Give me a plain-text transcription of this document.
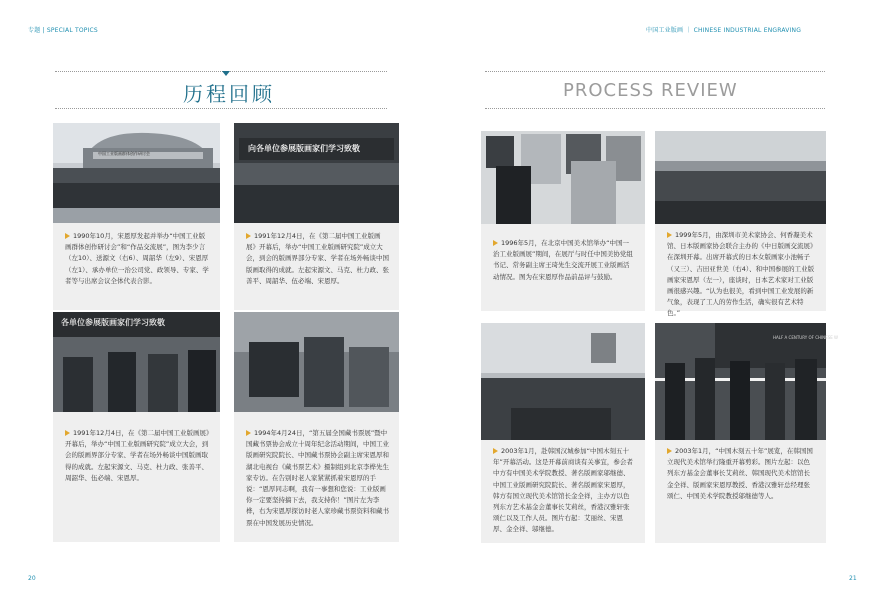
专题 | SPECIAL TOPICS	中国工业版画 ｜ CHINESE INDUSTRIAL ENGRAVING
历程回顾	PROCESS REVIEW
中国工业版画群体创作研讨会
向各单位参展版画家们学习致敬
1990年10月，宋恩厚发起并举办“中国工业版画群体创作研讨会”和“作品交流展”，图为李少言（左10）、送源文（右6）、周韶华（左9）、宋恩厚（左1）、承办单位一治公司党、政领导、专家、学者等与出席会议全体代表合影。
1991年12月4日，在《第二届中国工业版画展》开幕后，举办“中国工业版画研究院”成立大会，到会的版画界部分专家、学者在场外畅谈中国版画取得的成就。左起宋源文、马克、杜力政、张善平、周韶华、伍必端、宋恩厚。
各单位参展版画家们学习致敬
1991年12月4日，在《第二届中国工业版画展》开幕后，举办“中国工业版画研究院”成立大会，到会的版画界部分专家、学者在场外畅谈中国版画取得的成就。左起宋源文、马克、杜力政、张善平、周韶华、伍必端、宋恩厚。
1994年4月24日，“第五届全国藏书票展”暨中国藏书票协会成立十周年纪念活动期间，中国工业版画研究院院长、中国藏书票协会副主席宋恩厚和湖北电视台《藏书票艺术》摄制组到北京李桦先生家专访。在告别时老人家紧紧抓着宋恩厚的手说：“恩厚同志啊，我有一事想和您说：工业版画你一定要坚持搞下去，我支持你！”图片左为李桦，右为宋恩厚探访时老人家珍藏书票资料和藏书票在中国发展历史情况。
1996年5月，在北京中国美术馆举办“中国一治工业版画展”期间，在展厅与时任中国美协党组书记、常务副主席王琦先生交流开展工业版画活动情况。图为在宋恩厚作品前品评与鼓励。
1999年5月，由深圳市美术家协会、何香凝美术馆、日本版画家协会联合主办的《中日版画交流展》在深圳开幕。出席开幕式的日本女版画家小池畅子（又三）、吉田亚世美（右4）、和中国参展的工业版画家宋恩厚（左一），座谈时，日本艺术家对工业版画很感兴趣。“认为也很美，看到中国工业发展的新气象，表现了工人的劳作生活，确实很有艺术特色。”
HALF A CENTURY OF CHINESE W
2003年1月，赴韩国汉城参加“中国木刻五十年”开幕活动。这是开幕前商谈有关事宜，参会者中方有中国美术学院教授、著名版画家邬继德、中国工业版画研究院院长、著名版画家宋恩厚，韩方有国立现代美术馆馆长金全祥，主办方以色列东方艺术基金会董事长艾莉丝，香港汉雅轩张颂仁以及工作人员。图片右起：艾丽丝、宋恩厚、金全祥、邬继德。
2003年1月，“中国木刻五十年”展览，在韩国国立现代美术馆举行隆重开幕剪彩。图片左起：以色列东方基金会董事长艾莉丝、韩国现代美术馆馆长金全祥、版画家宋恩厚教授、香港汉雅轩总经理张颂仁、中国美术学院教授邬继德等人。
20	21
